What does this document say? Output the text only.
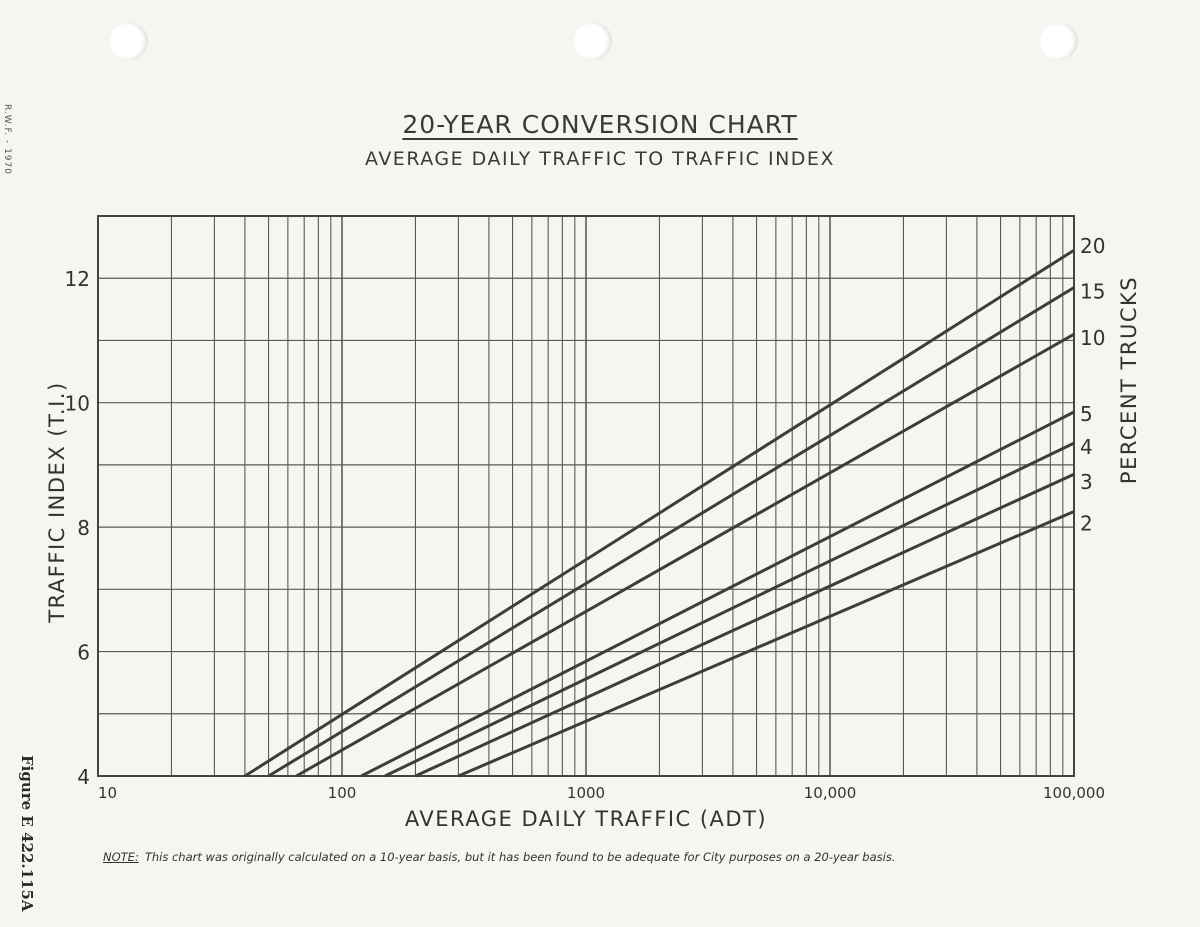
R.W.F. - 1970
Figure E 422.115A
20-YEAR CONVERSION CHART
AVERAGE DAILY TRAFFIC TO TRAFFIC INDEX
20
15
10
5
4
3
2
10	100	1000	10,000	100,000
4
6
8
10
12
AVERAGE DAILY TRAFFIC (ADT)
TRAFFIC INDEX (T.I.)
PERCENT TRUCKS
NOTE: This chart was originally calculated on a 10-year basis, but it has been found to be adequate for City purposes on a 20-year basis.
